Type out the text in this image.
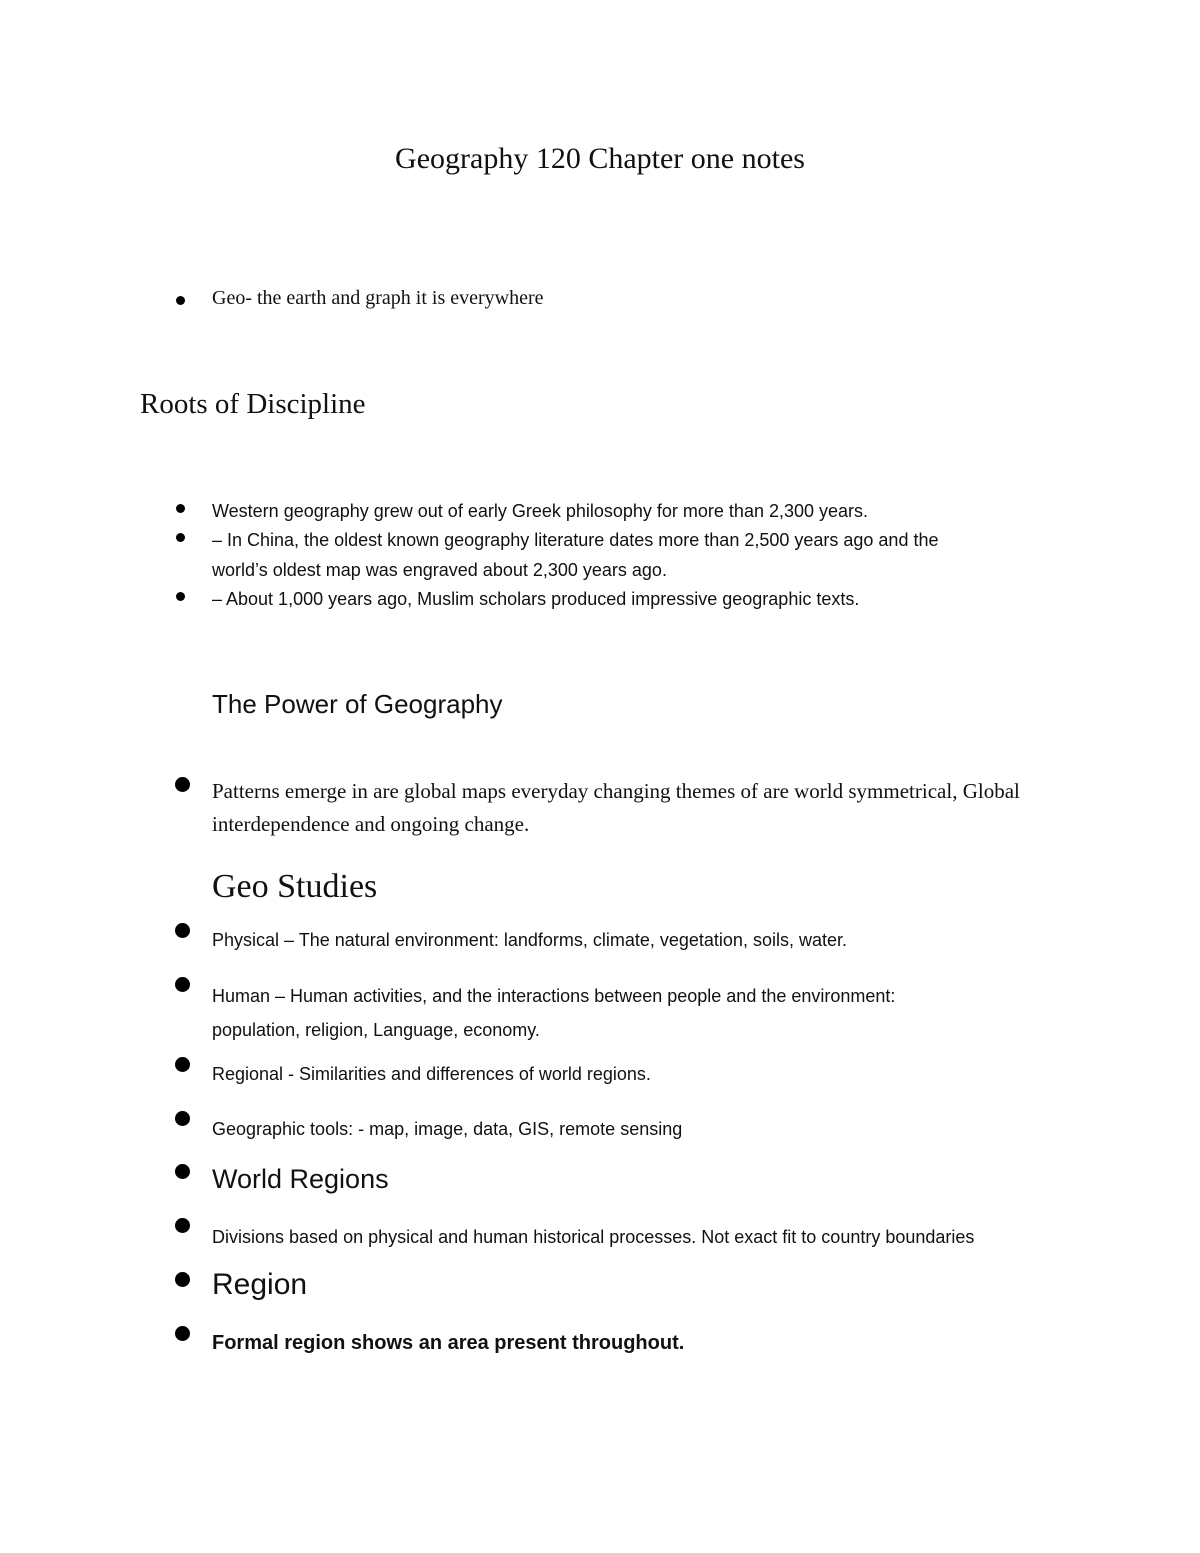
Geography 120 Chapter one notes
Geo- the earth and graph it is everywhere
Roots of Discipline
Western geography grew out of early Greek philosophy for more than 2,300 years.
– In China, the oldest known geography literature dates more than 2,500 years ago and the
world’s oldest map was engraved about 2,300 years ago.
– About 1,000 years ago, Muslim scholars produced impressive geographic texts.
The Power of Geography
Patterns emerge in are global maps everyday changing themes of are world symmetrical, Global interdependence and ongoing change.
Geo Studies
Physical – The natural environment: landforms, climate, vegetation, soils, water.
Human – Human activities, and the interactions between people and the environment:
population, religion, Language, economy.
Regional - Similarities and differences of world regions.
Geographic tools: - map, image, data, GIS, remote sensing
World Regions
Divisions based on physical and human historical processes. Not exact fit to country boundaries
Region
Formal region shows an area present throughout.
